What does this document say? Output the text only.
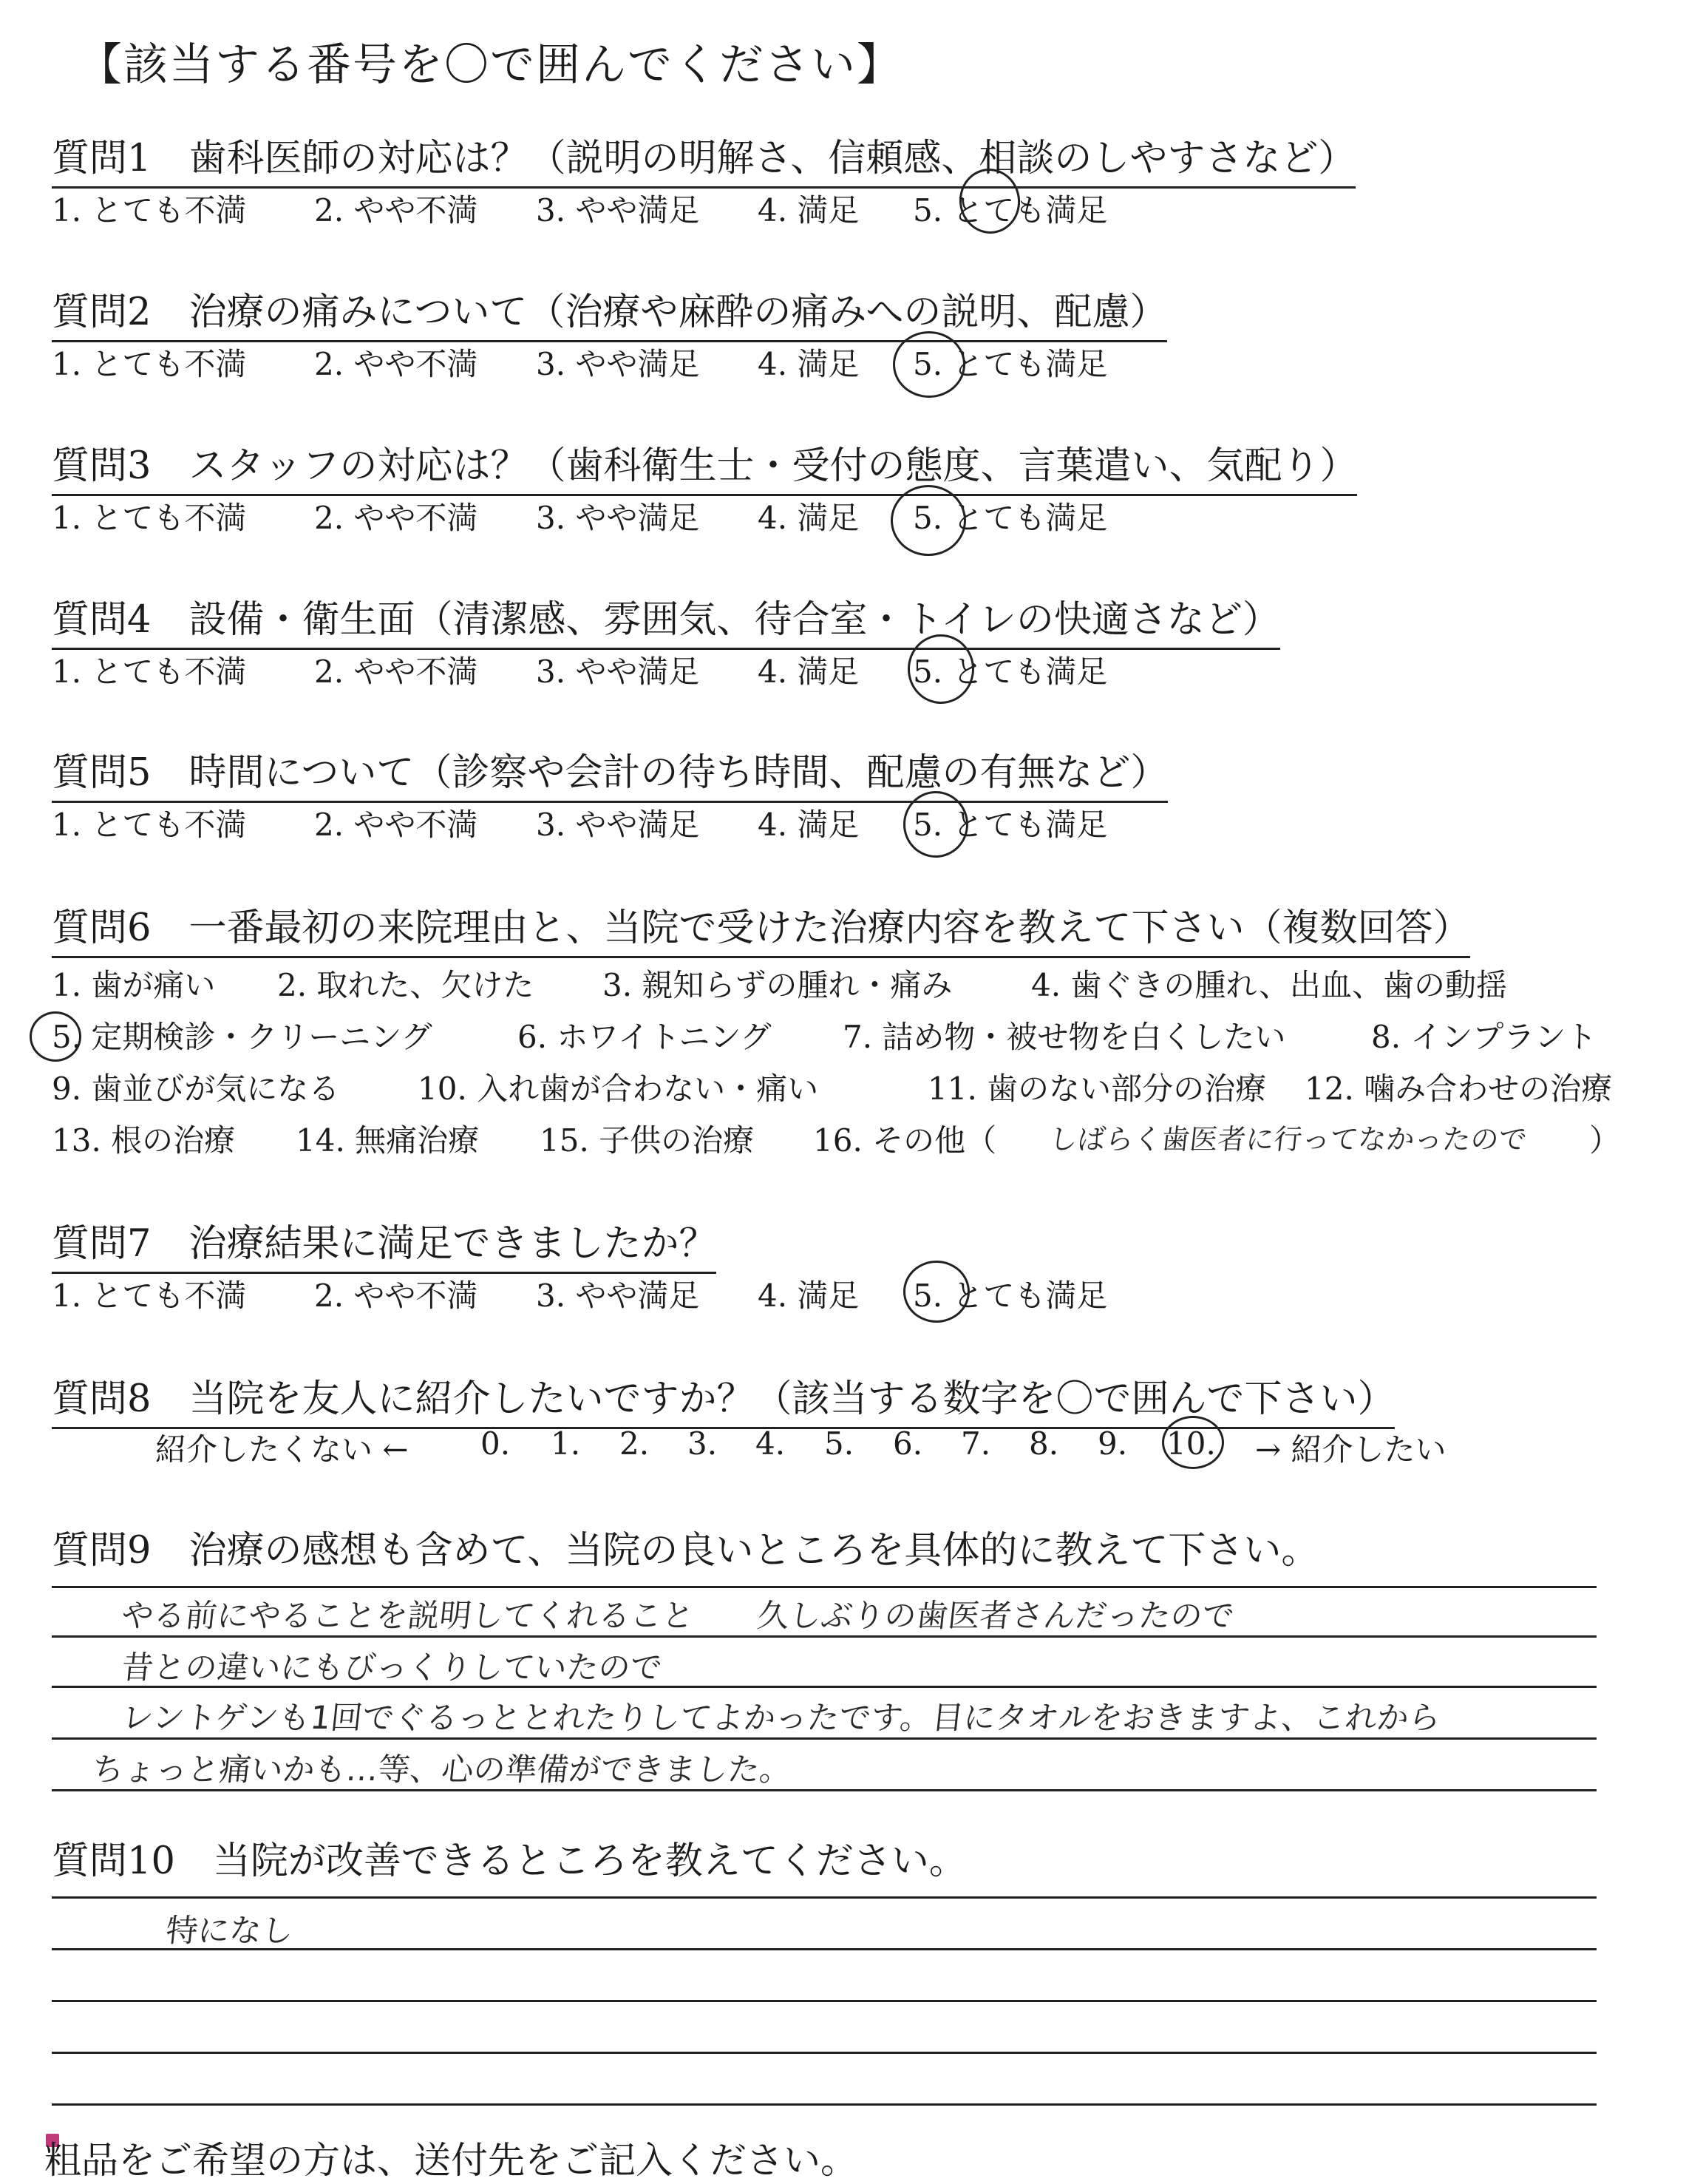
【該当する番号を〇で囲んでください】
質問1　歯科医師の対応は？（説明の明解さ、信頼感、相談のしやすさなど）
1. とても不満 2. やや不満 3. やや満足 4. 満足 5. とても満足
質問2　治療の痛みについて（治療や麻酔の痛みへの説明、配慮）
1. とても不満 2. やや不満 3. やや満足 4. 満足 5. とても満足
質問3　スタッフの対応は？（歯科衛生士・受付の態度、言葉遣い、気配り）
1. とても不満 2. やや不満 3. やや満足 4. 満足 5. とても満足
質問4　設備・衛生面（清潔感、雰囲気、待合室・トイレの快適さなど）
1. とても不満 2. やや不満 3. やや満足 4. 満足 5. とても満足
質問5　時間について（診察や会計の待ち時間、配慮の有無など）
1. とても不満 2. やや不満 3. やや満足 4. 満足 5. とても満足
質問6　一番最初の来院理由と、当院で受けた治療内容を教えて下さい（複数回答）
1. 歯が痛い 2. 取れた、欠けた 3. 親知らずの腫れ・痛み	4. 歯ぐきの腫れ、出血、歯の動揺
5. 定期検診・クリーニング	6. ホワイトニング 7. 詰め物・被せ物を白くしたい	8. インプラント
9. 歯並びが気になる	10. 入れ歯が合わない・痛い	11. 歯のない部分の治療 12. 噛み合わせの治療
13. 根の治療 14. 無痛治療 15. 子供の治療 16. その他（ しばらく歯医者に行ってなかったので ）
質問7　治療結果に満足できましたか？
1. とても不満 2. やや不満 3. やや満足 4. 満足 5. とても満足
質問8　当院を友人に紹介したいですか？（該当する数字を〇で囲んで下さい）
紹介したくない ← 0. 1. 2. 3. 4. 5. 6. 7. 8. 9. 10. → 紹介したい
質問9　治療の感想も含めて、当院の良いところを具体的に教えて下さい。
やる前にやることを説明してくれること　　久しぶりの歯医者さんだったので
昔との違いにもびっくりしていたので
レントゲンも1回でぐるっととれたりしてよかったです。目にタオルをおきますよ、これから
ちょっと痛いかも…等、心の準備ができました。
質問10　当院が改善できるところを教えてください。
特になし
粗品をご希望の方は、送付先をご記入ください。
